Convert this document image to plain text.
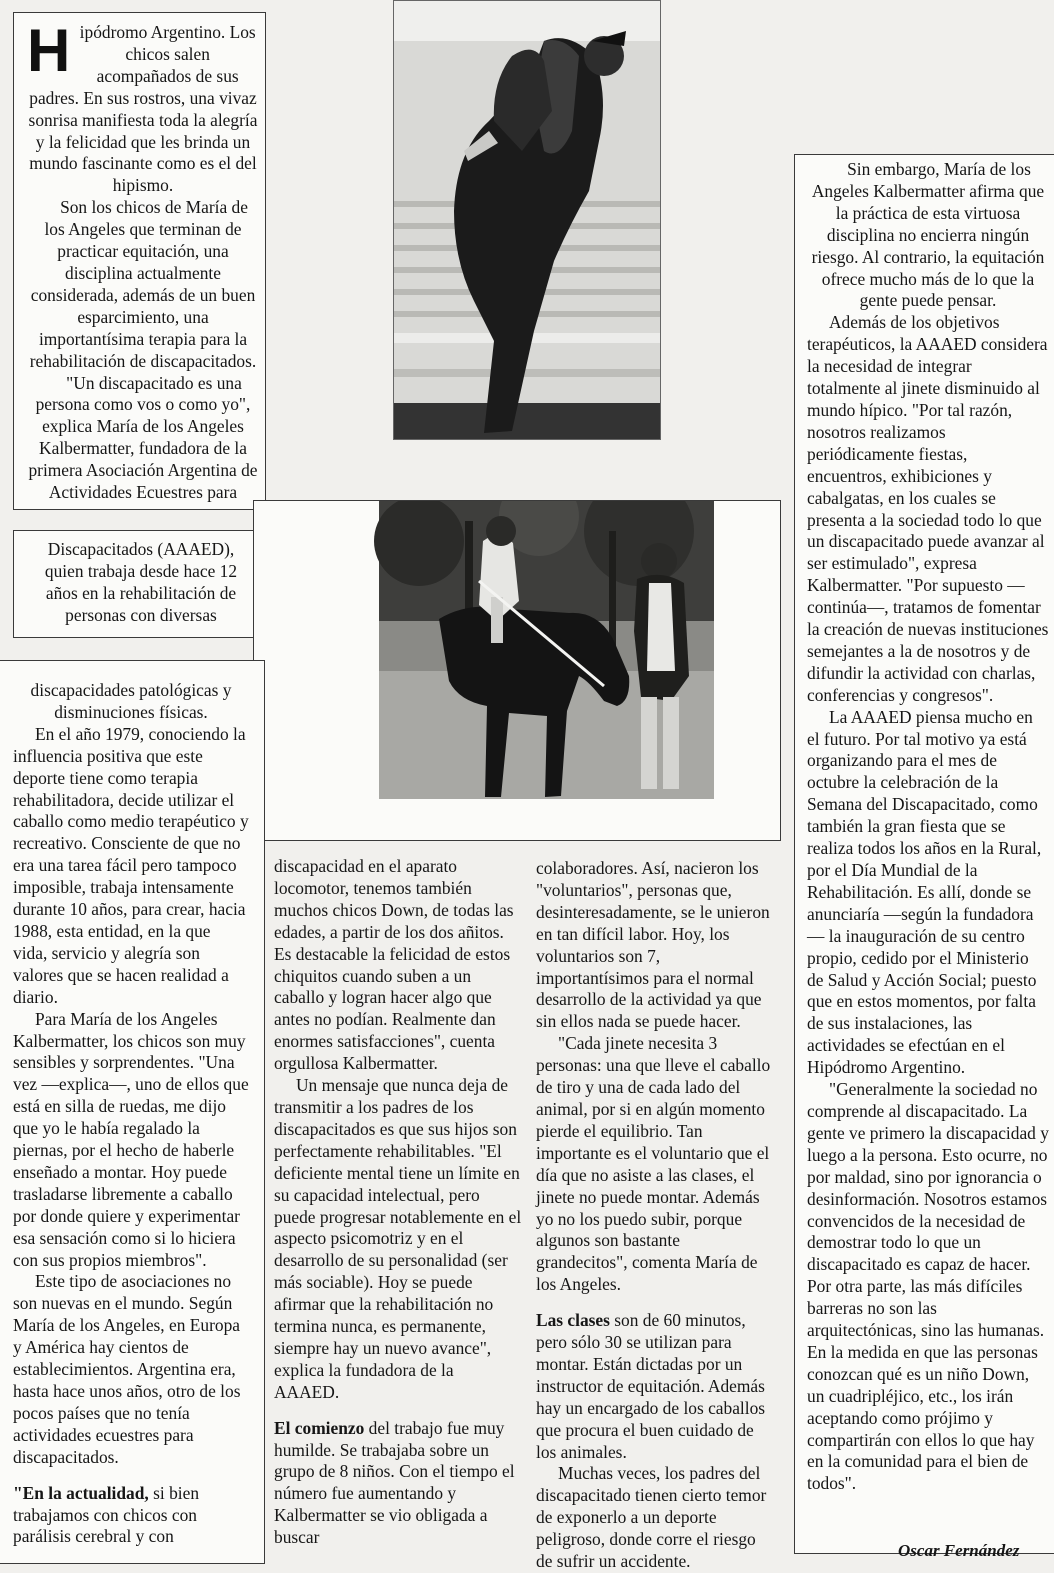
H ipódromo Argentino. Los chicos salen acompañados de sus padres. En sus rostros, una vivaz sonrisa manifiesta toda la alegría y la felicidad que les brinda un mundo fascinante como es el del hipismo.

Son los chicos de María de los Angeles que terminan de practicar equitación, una disciplina actualmente considerada, además de un buen esparcimiento, una importantísima terapia para la rehabilitación de discapacitados.

"Un discapacitado es una persona como vos o como yo", explica María de los Angeles Kalbermatter, fundadora de la primera Asociación Argentina de Actividades Ecuestres para

Discapacitados (AAAED), quien trabaja desde hace 12 años en la rehabilitación de personas con diversas

discapacidades patológicas y disminuciones físicas.

En el año 1979, conociendo la influencia positiva que este deporte tiene como terapia rehabilitadora, decide utilizar el caballo como medio terapéutico y recreativo. Consciente de que no era una tarea fácil pero tampoco imposible, trabaja intensamente durante 10 años, para crear, hacia 1988, esta entidad, en la que vida, servicio y alegría son valores que se hacen realidad a diario.

Para María de los Angeles Kalbermatter, los chicos son muy sensibles y sorprendentes. "Una vez —explica—, uno de ellos que está en silla de ruedas, me dijo que yo le había regalado la piernas, por el hecho de haberle enseñado a montar. Hoy puede trasladarse libremente a caballo por donde quiere y experimentar esa sensación como si lo hiciera con sus propios miembros".

Este tipo de asociaciones no son nuevas en el mundo. Según María de los Angeles, en Europa y América hay cientos de establecimientos. Argentina era, hasta hace unos años, otro de los pocos países que no tenía actividades ecuestres para discapacitados.

"En la actualidad, si bien trabajamos con chicos con parálisis cerebral y con

discapacidad en el aparato locomotor, tenemos también muchos chicos Down, de todas las edades, a partir de los dos añitos. Es destacable la felicidad de estos chiquitos cuando suben a un caballo y logran hacer algo que antes no podían. Realmente dan enormes satisfacciones", cuenta orgullosa Kalbermatter.

Un mensaje que nunca deja de transmitir a los padres de los discapacitados es que sus hijos son perfectamente rehabilitables. "El deficiente mental tiene un límite en su capacidad intelectual, pero puede progresar notablemente en el aspecto psicomotriz y en el desarrollo de su personalidad (ser más sociable). Hoy se puede afirmar que la rehabilitación no termina nunca, es permanente, siempre hay un nuevo avance", explica la fundadora de la AAAED.

El comienzo del trabajo fue muy humilde. Se trabajaba sobre un grupo de 8 niños. Con el tiempo el número fue aumentando y Kalbermatter se vio obligada a buscar

colaboradores. Así, nacieron los "voluntarios", personas que, desinteresadamente, se le unieron en tan difícil labor. Hoy, los voluntarios son 7, importantísimos para el normal desarrollo de la actividad ya que sin ellos nada se puede hacer.

"Cada jinete necesita 3 personas: una que lleve el caballo de tiro y una de cada lado del animal, por si en algún momento pierde el equilibrio. Tan importante es el voluntario que el día que no asiste a las clases, el jinete no puede montar. Además yo no los puedo subir, porque algunos son bastante grandecitos", comenta María de los Angeles.

Las clases son de 60 minutos, pero sólo 30 se utilizan para montar. Están dictadas por un instructor de equitación. Además hay un encargado de los caballos que procura el buen cuidado de los animales.

Muchas veces, los padres del discapacitado tienen cierto temor de exponerlo a un deporte peligroso, donde corre el riesgo de sufrir un accidente.

Sin embargo, María de los Angeles Kalbermatter afirma que la práctica de esta virtuosa disciplina no encierra ningún riesgo. Al contrario, la equitación ofrece mucho más de lo que la gente puede pensar.

Además de los objetivos terapéuticos, la AAAED considera la necesidad de integrar totalmente al jinete disminuido al mundo hípico. "Por tal razón, nosotros realizamos periódicamente fiestas, encuentros, exhibiciones y cabalgatas, en los cuales se presenta a la sociedad todo lo que un discapacitado puede avanzar al ser estimulado", expresa Kalbermatter. "Por supuesto —continúa—, tratamos de fomentar la creación de nuevas instituciones semejantes a la de nosotros y de difundir la actividad con charlas, conferencias y congresos".

La AAAED piensa mucho en el futuro. Por tal motivo ya está organizando para el mes de octubre la celebración de la Semana del Discapacitado, como también la gran fiesta que se realiza todos los años en la Rural, por el Día Mundial de la Rehabilitación. Es allí, donde se anunciaría —según la fundadora— la inauguración de su centro propio, cedido por el Ministerio de Salud y Acción Social; puesto que en estos momentos, por falta de sus instalaciones, las actividades se efectúan en el Hipódromo Argentino.

"Generalmente la sociedad no comprende al discapacitado. La gente ve primero la discapacidad y luego a la persona. Esto ocurre, no por maldad, sino por ignorancia o desinformación. Nosotros estamos convencidos de la necesidad de demostrar todo lo que un discapacitado es capaz de hacer. Por otra parte, las más difíciles barreras no son las arquitectónicas, sino las humanas. En la medida en que las personas conozcan qué es un niño Down, un cuadripléjico, etc., los irán aceptando como prójimo y compartirán con ellos lo que hay en la comunidad para el bien de todos".

Oscar Fernández
